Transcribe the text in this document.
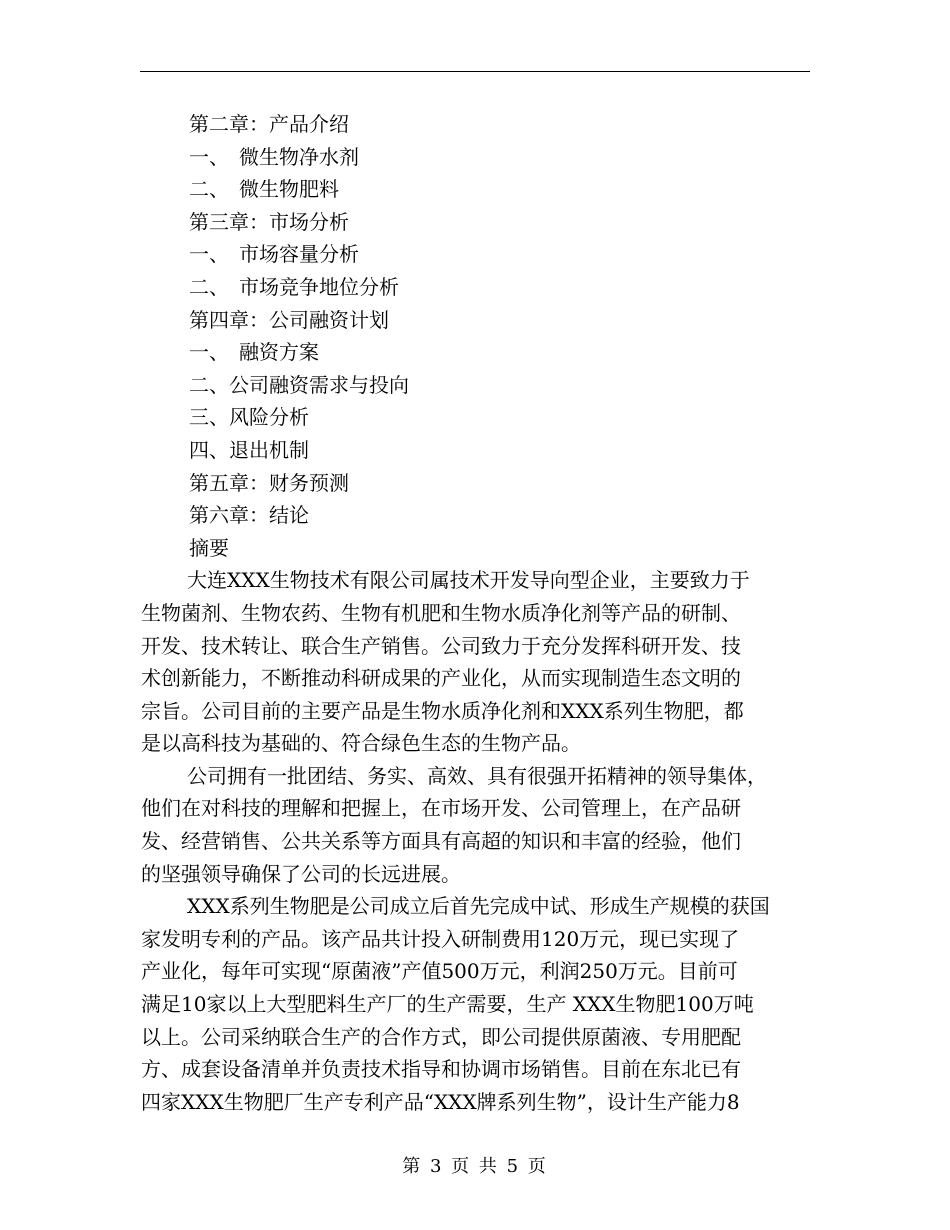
第二章：产品介绍
一、　微生物净水剂
二、　微生物肥料
第三章：市场分析
一、　市场容量分析
二、　市场竞争地位分析
第四章：公司融资计划
一、　融资方案
二、公司融资需求与投向
三、风险分析
四、退出机制
第五章：财务预测
第六章：结论
摘要
大连XXX生物技术有限公司属技术开发导向型企业，主要致力于
生物菌剂、生物农药、生物有机肥和生物水质净化剂等产品的研制、
开发、技术转让、联合生产销售。公司致力于充分发挥科研开发、技
术创新能力，不断推动科研成果的产业化，从而实现制造生态文明的
宗旨。公司目前的主要产品是生物水质净化剂和XXX系列生物肥，都
是以高科技为基础的、符合绿色生态的生物产品。
公司拥有一批团结、务实、高效、具有很强开拓精神的领导集体，
他们在对科技的理解和把握上，在市场开发、公司管理上，在产品研
发、经营销售、公共关系等方面具有高超的知识和丰富的经验，他们
的坚强领导确保了公司的长远进展。
XXX系列生物肥是公司成立后首先完成中试、形成生产规模的获国
家发明专利的产品。该产品共计投入研制费用120万元，现已实现了
产业化，每年可实现“原菌液”产值500万元，利润250万元。目前可
满足10家以上大型肥料生产厂的生产需要，生产 XXX生物肥100万吨
以上。公司采纳联合生产的合作方式，即公司提供原菌液、专用肥配
方、成套设备清单并负责技术指导和协调市场销售。目前在东北已有
四家XXX生物肥厂生产专利产品“XXX牌系列生物”，设计生产能力8
第 3 页 共 5 页
